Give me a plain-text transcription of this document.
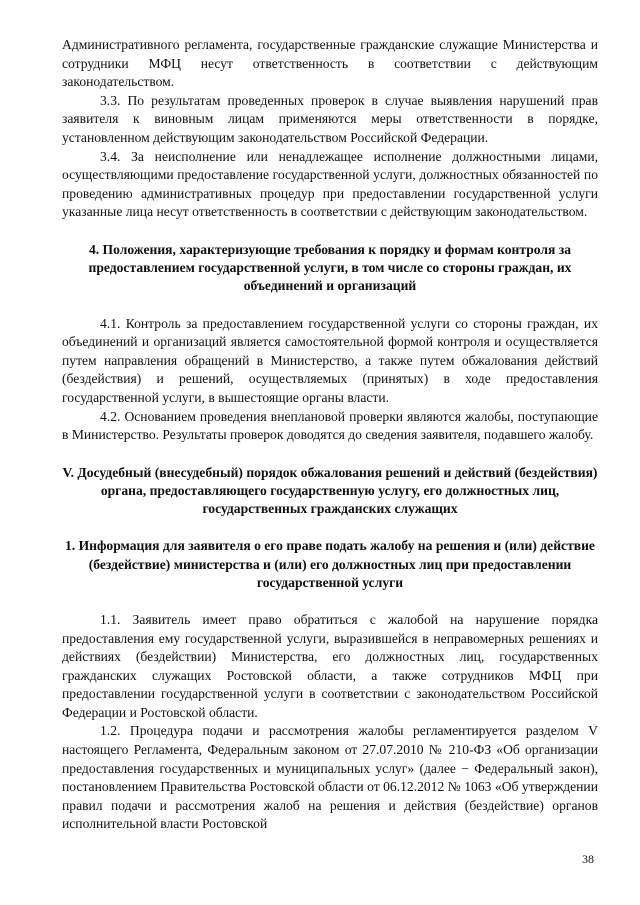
Административного регламента, государственные гражданские служащие Министерства и сотрудники МФЦ несут ответственность в соответствии с действующим законодательством.

3.3. По результатам проведенных проверок в случае выявления нарушений прав заявителя к виновным лицам применяются меры ответственности в порядке, установленном действующим законодательством Российской Федерации.

3.4. За неисполнение или ненадлежащее исполнение должностными лицами, осуществляющими предоставление государственной услуги, должностных обязанностей по проведению административных процедур при предоставлении государственной услуги указанные лица несут ответственность в соответствии с действующим законодательством.

4. Положения, характеризующие требования к порядку и формам контроля за предоставлением государственной услуги, в том числе со стороны граждан, их объединений и организаций

4.1. Контроль за предоставлением государственной услуги со стороны граждан, их объединений и организаций является самостоятельной формой контроля и осуществляется путем направления обращений в Министерство, а также путем обжалования действий (бездействия) и решений, осуществляемых (принятых) в ходе предоставления государственной услуги, в вышестоящие органы власти.

4.2. Основанием проведения внеплановой проверки являются жалобы, поступающие в Министерство. Результаты проверок доводятся до сведения заявителя, подавшего жалобу.

V. Досудебный (внесудебный) порядок обжалования решений и действий (бездействия) органа, предоставляющего государственную услугу, его должностных лиц, государственных гражданских служащих

1. Информация для заявителя о его праве подать жалобу на решения и (или) действие (бездействие) министерства и (или) его должностных лиц при предоставлении государственной услуги

1.1. Заявитель имеет право обратиться с жалобой на нарушение порядка предоставления ему государственной услуги, выразившейся в неправомерных решениях и действиях (бездействии) Министерства, его должностных лиц, государственных гражданских служащих Ростовской области, а также сотрудников МФЦ при предоставлении государственной услуги в соответствии с законодательством Российской Федерации и Ростовской области.

1.2. Процедура подачи и рассмотрения жалобы регламентируется разделом V настоящего Регламента, Федеральным законом от 27.07.2010 № 210-ФЗ «Об организации предоставления государственных и муниципальных услуг» (далее − Федеральный закон), постановлением Правительства Ростовской области от 06.12.2012 № 1063 «Об утверждении правил подачи и рассмотрения жалоб на решения и действия (бездействие) органов исполнительной власти Ростовской

38
